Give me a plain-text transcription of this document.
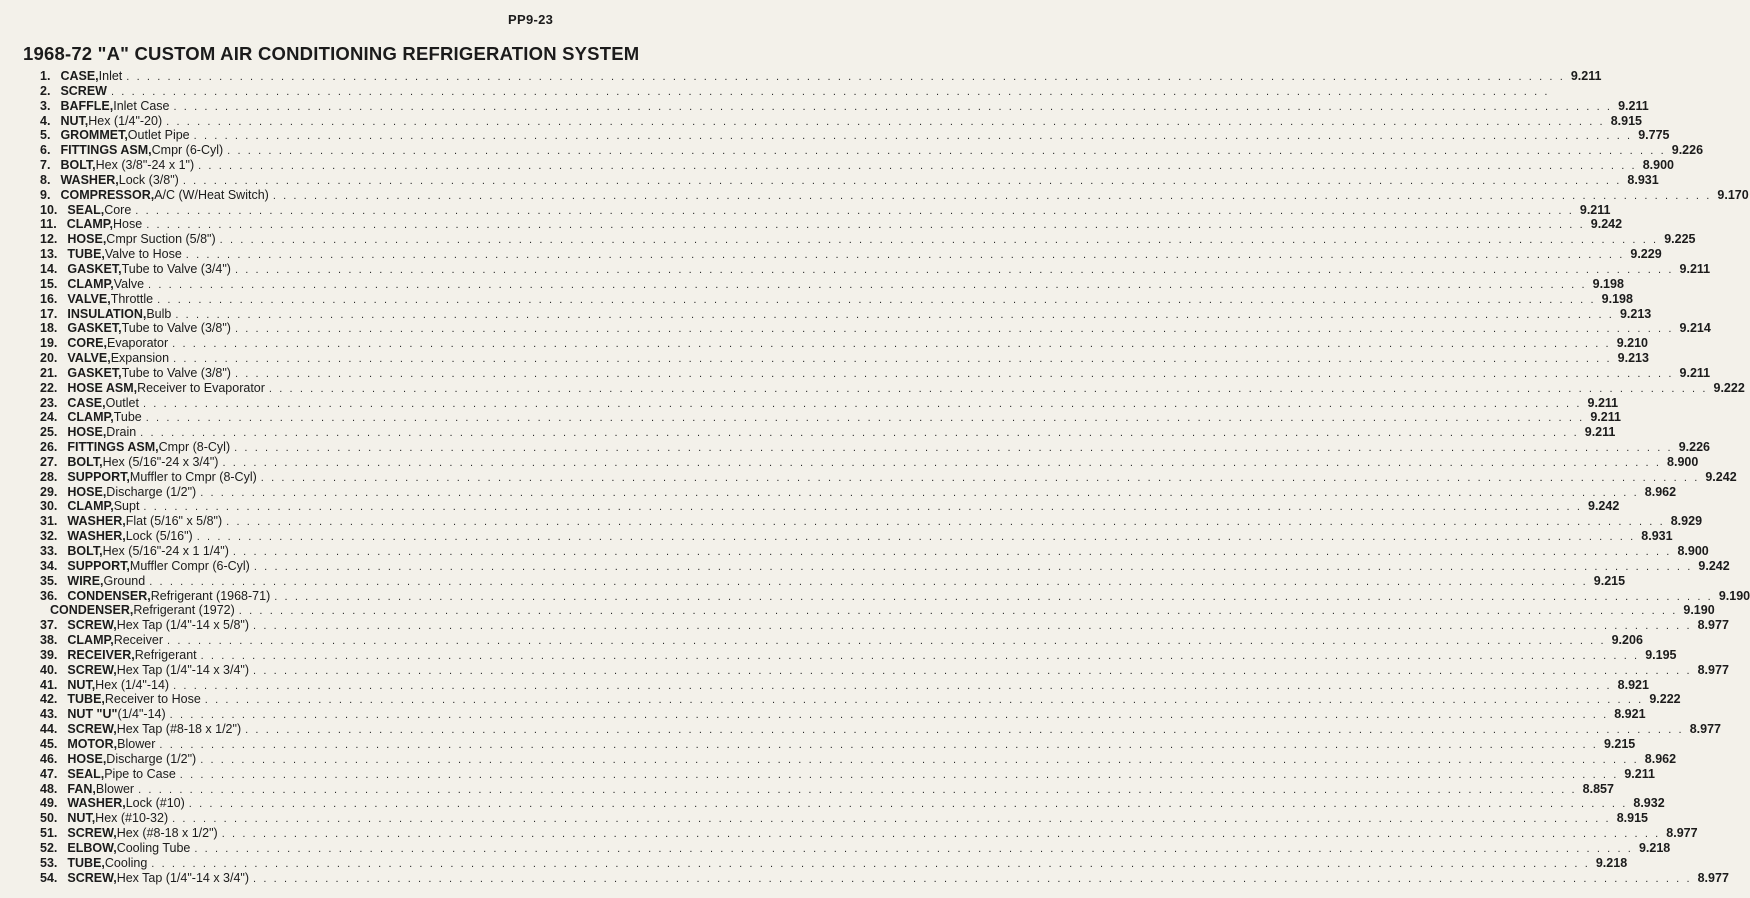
PP9-23
1968-72 "A" CUSTOM AIR CONDITIONING REFRIGERATION SYSTEM
1. CASE, Inlet . . . . . . . . . . . . . . . . . . . . . . . . . . . . . . . . . . . . . . . . . . . . . . . . . . . . . . . . . . . . . . . . . . . . . . . . . . . . . . . . . . . . . . . . . . . . . . . . . . . . . . . . . . . . . . . . . . . . . . . . . . . . . . . . . . . . . . . . . . . . 9.211
2. SCREW . . . . . . . . . . . . . . . . . . . . . . . . . . . . . . . . . . . . . . . . . . . . . . . . . . . . . . . . . . . . . . . . . . . . . . . . . . . . . . . . . . . . . . . . . . . . . . . . . . . . . . . . . . . . . . . . . . . . . . . . . . . . . . . . . . . . . . . . . . . .
3. BAFFLE, Inlet Case . . . . . . . . . . . . . . . . . . . . . . . . . . . . . . . . . . . . . . . . . . . . . . . . . . . . . . . . . . . . . . . . . . . . . . . . . . . . . . . . . . . . . . . . . . . . . . . . . . . . . . . . . . . . . . . . . . . . . . . . . . . . . . . . . . . . . . . . . . . . 9.211
4. NUT, Hex (1/4"-20) . . . . . . . . . . . . . . . . . . . . . . . . . . . . . . . . . . . . . . . . . . . . . . . . . . . . . . . . . . . . . . . . . . . . . . . . . . . . . . . . . . . . . . . . . . . . . . . . . . . . . . . . . . . . . . . . . . . . . . . . . . . . . . . . . . . . . . . . . . . . 8.915
5. GROMMET, Outlet Pipe . . . . . . . . . . . . . . . . . . . . . . . . . . . . . . . . . . . . . . . . . . . . . . . . . . . . . . . . . . . . . . . . . . . . . . . . . . . . . . . . . . . . . . . . . . . . . . . . . . . . . . . . . . . . . . . . . . . . . . . . . . . . . . . . . . . . . . . . . . . . 9.775
6. FITTINGS ASM, Cmpr (6-Cyl) . . . . . . . . . . . . . . . . . . . . . . . . . . . . . . . . . . . . . . . . . . . . . . . . . . . . . . . . . . . . . . . . . . . . . . . . . . . . . . . . . . . . . . . . . . . . . . . . . . . . . . . . . . . . . . . . . . . . . . . . . . . . . . . . . . . . . . . . . . . . 9.226
7. BOLT, Hex (3/8"-24 x 1") . . . . . . . . . . . . . . . . . . . . . . . . . . . . . . . . . . . . . . . . . . . . . . . . . . . . . . . . . . . . . . . . . . . . . . . . . . . . . . . . . . . . . . . . . . . . . . . . . . . . . . . . . . . . . . . . . . . . . . . . . . . . . . . . . . . . . . . . . . . . 8.900
8. WASHER, Lock (3/8") . . . . . . . . . . . . . . . . . . . . . . . . . . . . . . . . . . . . . . . . . . . . . . . . . . . . . . . . . . . . . . . . . . . . . . . . . . . . . . . . . . . . . . . . . . . . . . . . . . . . . . . . . . . . . . . . . . . . . . . . . . . . . . . . . . . . . . . . . . . . 8.931
9. COMPRESSOR, A/C (W/Heat Switch) . . . . . . . . . . . . . . . . . . . . . . . . . . . . . . . . . . . . . . . . . . . . . . . . . . . . . . . . . . . . . . . . . . . . . . . . . . . . . . . . . . . . . . . . . . . . . . . . . . . . . . . . . . . . . . . . . . . . . . . . . . . . . . . . . . . . . . . . . . . . 9.170
10. SEAL, Core . . . . . . . . . . . . . . . . . . . . . . . . . . . . . . . . . . . . . . . . . . . . . . . . . . . . . . . . . . . . . . . . . . . . . . . . . . . . . . . . . . . . . . . . . . . . . . . . . . . . . . . . . . . . . . . . . . . . . . . . . . . . . . . . . . . . . . . . . . . . 9.211
11. CLAMP, Hose . . . . . . . . . . . . . . . . . . . . . . . . . . . . . . . . . . . . . . . . . . . . . . . . . . . . . . . . . . . . . . . . . . . . . . . . . . . . . . . . . . . . . . . . . . . . . . . . . . . . . . . . . . . . . . . . . . . . . . . . . . . . . . . . . . . . . . . . . . . . 9.242
12. HOSE, Cmpr Suction (5/8") . . . . . . . . . . . . . . . . . . . . . . . . . . . . . . . . . . . . . . . . . . . . . . . . . . . . . . . . . . . . . . . . . . . . . . . . . . . . . . . . . . . . . . . . . . . . . . . . . . . . . . . . . . . . . . . . . . . . . . . . . . . . . . . . . . . . . . . . . . . . 9.225
13. TUBE, Valve to Hose . . . . . . . . . . . . . . . . . . . . . . . . . . . . . . . . . . . . . . . . . . . . . . . . . . . . . . . . . . . . . . . . . . . . . . . . . . . . . . . . . . . . . . . . . . . . . . . . . . . . . . . . . . . . . . . . . . . . . . . . . . . . . . . . . . . . . . . . . . . . 9.229
14. GASKET, Tube to Valve (3/4") . . . . . . . . . . . . . . . . . . . . . . . . . . . . . . . . . . . . . . . . . . . . . . . . . . . . . . . . . . . . . . . . . . . . . . . . . . . . . . . . . . . . . . . . . . . . . . . . . . . . . . . . . . . . . . . . . . . . . . . . . . . . . . . . . . . . . . . . . . . . 9.211
15. CLAMP, Valve . . . . . . . . . . . . . . . . . . . . . . . . . . . . . . . . . . . . . . . . . . . . . . . . . . . . . . . . . . . . . . . . . . . . . . . . . . . . . . . . . . . . . . . . . . . . . . . . . . . . . . . . . . . . . . . . . . . . . . . . . . . . . . . . . . . . . . . . . . . . 9.198
16. VALVE, Throttle . . . . . . . . . . . . . . . . . . . . . . . . . . . . . . . . . . . . . . . . . . . . . . . . . . . . . . . . . . . . . . . . . . . . . . . . . . . . . . . . . . . . . . . . . . . . . . . . . . . . . . . . . . . . . . . . . . . . . . . . . . . . . . . . . . . . . . . . . . . . 9.198
17. INSULATION, Bulb . . . . . . . . . . . . . . . . . . . . . . . . . . . . . . . . . . . . . . . . . . . . . . . . . . . . . . . . . . . . . . . . . . . . . . . . . . . . . . . . . . . . . . . . . . . . . . . . . . . . . . . . . . . . . . . . . . . . . . . . . . . . . . . . . . . . . . . . . . . . 9.213
18. GASKET, Tube to Valve (3/8") . . . . . . . . . . . . . . . . . . . . . . . . . . . . . . . . . . . . . . . . . . . . . . . . . . . . . . . . . . . . . . . . . . . . . . . . . . . . . . . . . . . . . . . . . . . . . . . . . . . . . . . . . . . . . . . . . . . . . . . . . . . . . . . . . . . . . . . . . . . . 9.214
19. CORE, Evaporator . . . . . . . . . . . . . . . . . . . . . . . . . . . . . . . . . . . . . . . . . . . . . . . . . . . . . . . . . . . . . . . . . . . . . . . . . . . . . . . . . . . . . . . . . . . . . . . . . . . . . . . . . . . . . . . . . . . . . . . . . . . . . . . . . . . . . . . . . . . . 9.210
20. VALVE, Expansion . . . . . . . . . . . . . . . . . . . . . . . . . . . . . . . . . . . . . . . . . . . . . . . . . . . . . . . . . . . . . . . . . . . . . . . . . . . . . . . . . . . . . . . . . . . . . . . . . . . . . . . . . . . . . . . . . . . . . . . . . . . . . . . . . . . . . . . . . . . . 9.213
21. GASKET, Tube to Valve (3/8") . . . . . . . . . . . . . . . . . . . . . . . . . . . . . . . . . . . . . . . . . . . . . . . . . . . . . . . . . . . . . . . . . . . . . . . . . . . . . . . . . . . . . . . . . . . . . . . . . . . . . . . . . . . . . . . . . . . . . . . . . . . . . . . . . . . . . . . . . . . . 9.211
22. HOSE ASM, Receiver to Evaporator . . . . . . . . . . . . . . . . . . . . . . . . . . . . . . . . . . . . . . . . . . . . . . . . . . . . . . . . . . . . . . . . . . . . . . . . . . . . . . . . . . . . . . . . . . . . . . . . . . . . . . . . . . . . . . . . . . . . . . . . . . . . . . . . . . . . . . . . . . . . 9.222
23. CASE, Outlet . . . . . . . . . . . . . . . . . . . . . . . . . . . . . . . . . . . . . . . . . . . . . . . . . . . . . . . . . . . . . . . . . . . . . . . . . . . . . . . . . . . . . . . . . . . . . . . . . . . . . . . . . . . . . . . . . . . . . . . . . . . . . . . . . . . . . . . . . . . . 9.211
24. CLAMP, Tube . . . . . . . . . . . . . . . . . . . . . . . . . . . . . . . . . . . . . . . . . . . . . . . . . . . . . . . . . . . . . . . . . . . . . . . . . . . . . . . . . . . . . . . . . . . . . . . . . . . . . . . . . . . . . . . . . . . . . . . . . . . . . . . . . . . . . . . . . . . . 9.211
25. HOSE, Drain . . . . . . . . . . . . . . . . . . . . . . . . . . . . . . . . . . . . . . . . . . . . . . . . . . . . . . . . . . . . . . . . . . . . . . . . . . . . . . . . . . . . . . . . . . . . . . . . . . . . . . . . . . . . . . . . . . . . . . . . . . . . . . . . . . . . . . . . . . . . 9.211
26. FITTINGS ASM, Cmpr (8-Cyl) . . . . . . . . . . . . . . . . . . . . . . . . . . . . . . . . . . . . . . . . . . . . . . . . . . . . . . . . . . . . . . . . . . . . . . . . . . . . . . . . . . . . . . . . . . . . . . . . . . . . . . . . . . . . . . . . . . . . . . . . . . . . . . . . . . . . . . . . . . . . 9.226
27. BOLT, Hex (5/16"-24 x 3/4") . . . . . . . . . . . . . . . . . . . . . . . . . . . . . . . . . . . . . . . . . . . . . . . . . . . . . . . . . . . . . . . . . . . . . . . . . . . . . . . . . . . . . . . . . . . . . . . . . . . . . . . . . . . . . . . . . . . . . . . . . . . . . . . . . . . . . . . . . . . . 8.900
28. SUPPORT, Muffler to Cmpr (8-Cyl) . . . . . . . . . . . . . . . . . . . . . . . . . . . . . . . . . . . . . . . . . . . . . . . . . . . . . . . . . . . . . . . . . . . . . . . . . . . . . . . . . . . . . . . . . . . . . . . . . . . . . . . . . . . . . . . . . . . . . . . . . . . . . . . . . . . . . . . . . . . . 9.242
29. HOSE, Discharge (1/2") . . . . . . . . . . . . . . . . . . . . . . . . . . . . . . . . . . . . . . . . . . . . . . . . . . . . . . . . . . . . . . . . . . . . . . . . . . . . . . . . . . . . . . . . . . . . . . . . . . . . . . . . . . . . . . . . . . . . . . . . . . . . . . . . . . . . . . . . . . . . 8.962
30. CLAMP, Supt . . . . . . . . . . . . . . . . . . . . . . . . . . . . . . . . . . . . . . . . . . . . . . . . . . . . . . . . . . . . . . . . . . . . . . . . . . . . . . . . . . . . . . . . . . . . . . . . . . . . . . . . . . . . . . . . . . . . . . . . . . . . . . . . . . . . . . . . . . . . 9.242
31. WASHER, Flat (5/16" x 5/8") . . . . . . . . . . . . . . . . . . . . . . . . . . . . . . . . . . . . . . . . . . . . . . . . . . . . . . . . . . . . . . . . . . . . . . . . . . . . . . . . . . . . . . . . . . . . . . . . . . . . . . . . . . . . . . . . . . . . . . . . . . . . . . . . . . . . . . . . . . . . 8.929
32. WASHER, Lock (5/16") . . . . . . . . . . . . . . . . . . . . . . . . . . . . . . . . . . . . . . . . . . . . . . . . . . . . . . . . . . . . . . . . . . . . . . . . . . . . . . . . . . . . . . . . . . . . . . . . . . . . . . . . . . . . . . . . . . . . . . . . . . . . . . . . . . . . . . . . . . . . 8.931
33. BOLT, Hex (5/16"-24 x 1 1/4") . . . . . . . . . . . . . . . . . . . . . . . . . . . . . . . . . . . . . . . . . . . . . . . . . . . . . . . . . . . . . . . . . . . . . . . . . . . . . . . . . . . . . . . . . . . . . . . . . . . . . . . . . . . . . . . . . . . . . . . . . . . . . . . . . . . . . . . . . . . . 8.900
34. SUPPORT, Muffler Compr (6-Cyl) . . . . . . . . . . . . . . . . . . . . . . . . . . . . . . . . . . . . . . . . . . . . . . . . . . . . . . . . . . . . . . . . . . . . . . . . . . . . . . . . . . . . . . . . . . . . . . . . . . . . . . . . . . . . . . . . . . . . . . . . . . . . . . . . . . . . . . . . . . . . 9.242
35. WIRE, Ground . . . . . . . . . . . . . . . . . . . . . . . . . . . . . . . . . . . . . . . . . . . . . . . . . . . . . . . . . . . . . . . . . . . . . . . . . . . . . . . . . . . . . . . . . . . . . . . . . . . . . . . . . . . . . . . . . . . . . . . . . . . . . . . . . . . . . . . . . . . . 9.215
36. CONDENSER, Refrigerant (1968-71) . . . . . . . . . . . . . . . . . . . . . . . . . . . . . . . . . . . . . . . . . . . . . . . . . . . . . . . . . . . . . . . . . . . . . . . . . . . . . . . . . . . . . . . . . . . . . . . . . . . . . . . . . . . . . . . . . . . . . . . . . . . . . . . . . . . . . . . . . . . . 9.190
CONDENSER, Refrigerant (1972) . . . . . . . . . . . . . . . . . . . . . . . . . . . . . . . . . . . . . . . . . . . . . . . . . . . . . . . . . . . . . . . . . . . . . . . . . . . . . . . . . . . . . . . . . . . . . . . . . . . . . . . . . . . . . . . . . . . . . . . . . . . . . . . . . . . . . . . . . . . . 9.190
37. SCREW, Hex Tap (1/4"-14 x 5/8") . . . . . . . . . . . . . . . . . . . . . . . . . . . . . . . . . . . . . . . . . . . . . . . . . . . . . . . . . . . . . . . . . . . . . . . . . . . . . . . . . . . . . . . . . . . . . . . . . . . . . . . . . . . . . . . . . . . . . . . . . . . . . . . . . . . . . . . . . . . . 8.977
38. CLAMP, Receiver . . . . . . . . . . . . . . . . . . . . . . . . . . . . . . . . . . . . . . . . . . . . . . . . . . . . . . . . . . . . . . . . . . . . . . . . . . . . . . . . . . . . . . . . . . . . . . . . . . . . . . . . . . . . . . . . . . . . . . . . . . . . . . . . . . . . . . . . . . . . 9.206
39. RECEIVER, Refrigerant . . . . . . . . . . . . . . . . . . . . . . . . . . . . . . . . . . . . . . . . . . . . . . . . . . . . . . . . . . . . . . . . . . . . . . . . . . . . . . . . . . . . . . . . . . . . . . . . . . . . . . . . . . . . . . . . . . . . . . . . . . . . . . . . . . . . . . . . . . . . 9.195
40. SCREW, Hex Tap (1/4"-14 x 3/4") . . . . . . . . . . . . . . . . . . . . . . . . . . . . . . . . . . . . . . . . . . . . . . . . . . . . . . . . . . . . . . . . . . . . . . . . . . . . . . . . . . . . . . . . . . . . . . . . . . . . . . . . . . . . . . . . . . . . . . . . . . . . . . . . . . . . . . . . . . . . 8.977
41. NUT, Hex (1/4"-14) . . . . . . . . . . . . . . . . . . . . . . . . . . . . . . . . . . . . . . . . . . . . . . . . . . . . . . . . . . . . . . . . . . . . . . . . . . . . . . . . . . . . . . . . . . . . . . . . . . . . . . . . . . . . . . . . . . . . . . . . . . . . . . . . . . . . . . . . . . . . 8.921
42. TUBE, Receiver to Hose . . . . . . . . . . . . . . . . . . . . . . . . . . . . . . . . . . . . . . . . . . . . . . . . . . . . . . . . . . . . . . . . . . . . . . . . . . . . . . . . . . . . . . . . . . . . . . . . . . . . . . . . . . . . . . . . . . . . . . . . . . . . . . . . . . . . . . . . . . . . 9.222
43. NUT "U" (1/4"-14) . . . . . . . . . . . . . . . . . . . . . . . . . . . . . . . . . . . . . . . . . . . . . . . . . . . . . . . . . . . . . . . . . . . . . . . . . . . . . . . . . . . . . . . . . . . . . . . . . . . . . . . . . . . . . . . . . . . . . . . . . . . . . . . . . . . . . . . . . . . . 8.921
44. SCREW, Hex Tap (#8-18 x 1/2") . . . . . . . . . . . . . . . . . . . . . . . . . . . . . . . . . . . . . . . . . . . . . . . . . . . . . . . . . . . . . . . . . . . . . . . . . . . . . . . . . . . . . . . . . . . . . . . . . . . . . . . . . . . . . . . . . . . . . . . . . . . . . . . . . . . . . . . . . . . . 8.977
45. MOTOR, Blower . . . . . . . . . . . . . . . . . . . . . . . . . . . . . . . . . . . . . . . . . . . . . . . . . . . . . . . . . . . . . . . . . . . . . . . . . . . . . . . . . . . . . . . . . . . . . . . . . . . . . . . . . . . . . . . . . . . . . . . . . . . . . . . . . . . . . . . . . . . . 9.215
46. HOSE, Discharge (1/2") . . . . . . . . . . . . . . . . . . . . . . . . . . . . . . . . . . . . . . . . . . . . . . . . . . . . . . . . . . . . . . . . . . . . . . . . . . . . . . . . . . . . . . . . . . . . . . . . . . . . . . . . . . . . . . . . . . . . . . . . . . . . . . . . . . . . . . . . . . . . 8.962
47. SEAL, Pipe to Case . . . . . . . . . . . . . . . . . . . . . . . . . . . . . . . . . . . . . . . . . . . . . . . . . . . . . . . . . . . . . . . . . . . . . . . . . . . . . . . . . . . . . . . . . . . . . . . . . . . . . . . . . . . . . . . . . . . . . . . . . . . . . . . . . . . . . . . . . . . . 9.211
48. FAN, Blower . . . . . . . . . . . . . . . . . . . . . . . . . . . . . . . . . . . . . . . . . . . . . . . . . . . . . . . . . . . . . . . . . . . . . . . . . . . . . . . . . . . . . . . . . . . . . . . . . . . . . . . . . . . . . . . . . . . . . . . . . . . . . . . . . . . . . . . . . . . . 8.857
49. WASHER, Lock (#10) . . . . . . . . . . . . . . . . . . . . . . . . . . . . . . . . . . . . . . . . . . . . . . . . . . . . . . . . . . . . . . . . . . . . . . . . . . . . . . . . . . . . . . . . . . . . . . . . . . . . . . . . . . . . . . . . . . . . . . . . . . . . . . . . . . . . . . . . . . . . 8.932
50. NUT, Hex (#10-32) . . . . . . . . . . . . . . . . . . . . . . . . . . . . . . . . . . . . . . . . . . . . . . . . . . . . . . . . . . . . . . . . . . . . . . . . . . . . . . . . . . . . . . . . . . . . . . . . . . . . . . . . . . . . . . . . . . . . . . . . . . . . . . . . . . . . . . . . . . . . 8.915
51. SCREW, Hex (#8-18 x 1/2") . . . . . . . . . . . . . . . . . . . . . . . . . . . . . . . . . . . . . . . . . . . . . . . . . . . . . . . . . . . . . . . . . . . . . . . . . . . . . . . . . . . . . . . . . . . . . . . . . . . . . . . . . . . . . . . . . . . . . . . . . . . . . . . . . . . . . . . . . . . . 8.977
52. ELBOW, Cooling Tube . . . . . . . . . . . . . . . . . . . . . . . . . . . . . . . . . . . . . . . . . . . . . . . . . . . . . . . . . . . . . . . . . . . . . . . . . . . . . . . . . . . . . . . . . . . . . . . . . . . . . . . . . . . . . . . . . . . . . . . . . . . . . . . . . . . . . . . . . . . . 9.218
53. TUBE, Cooling . . . . . . . . . . . . . . . . . . . . . . . . . . . . . . . . . . . . . . . . . . . . . . . . . . . . . . . . . . . . . . . . . . . . . . . . . . . . . . . . . . . . . . . . . . . . . . . . . . . . . . . . . . . . . . . . . . . . . . . . . . . . . . . . . . . . . . . . . . . . 9.218
54. SCREW, Hex Tap (1/4"-14 x 3/4") . . . . . . . . . . . . . . . . . . . . . . . . . . . . . . . . . . . . . . . . . . . . . . . . . . . . . . . . . . . . . . . . . . . . . . . . . . . . . . . . . . . . . . . . . . . . . . . . . . . . . . . . . . . . . . . . . . . . . . . . . . . . . . . . . . . . . . . . . . . . 8.977
